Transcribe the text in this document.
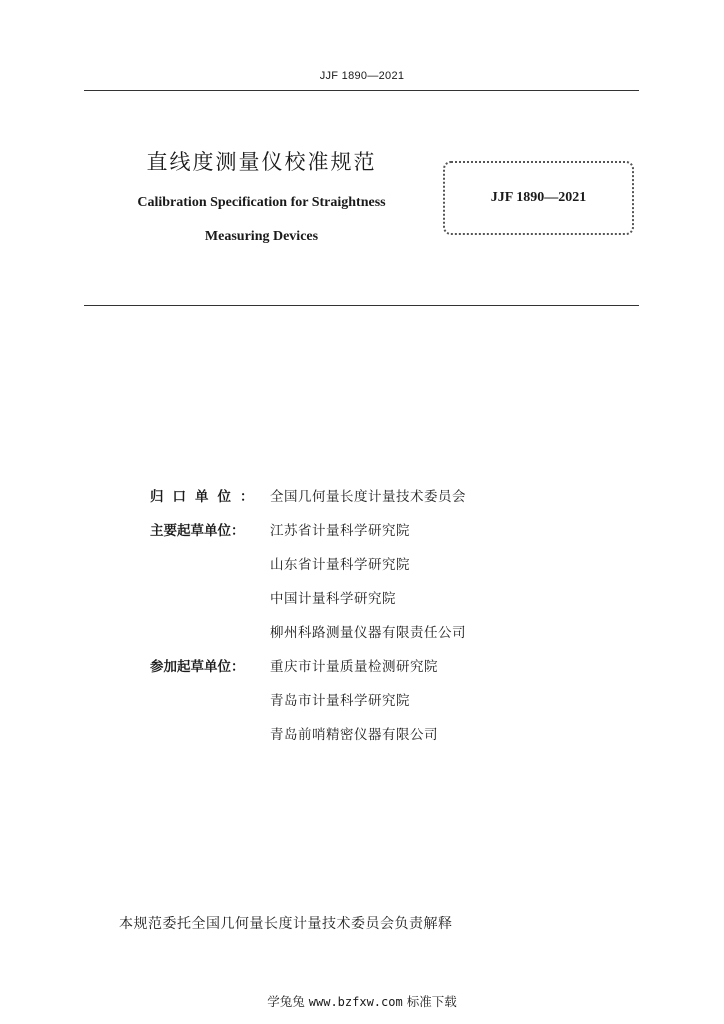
JJF 1890—2021
直线度测量仪校准规范
Calibration Specification for Straightness
Measuring Devices
JJF 1890—2021
归口单位： 全国几何量长度计量技术委员会
主要起草单位：	江苏省计量科学研究院
山东省计量科学研究院
中国计量科学研究院
柳州科路测量仪器有限责任公司
参加起草单位：	重庆市计量质量检测研究院
青岛市计量科学研究院
青岛前哨精密仪器有限公司
本规范委托全国几何量长度计量技术委员会负责解释
学兔兔 www.bzfxw.com 标准下载
